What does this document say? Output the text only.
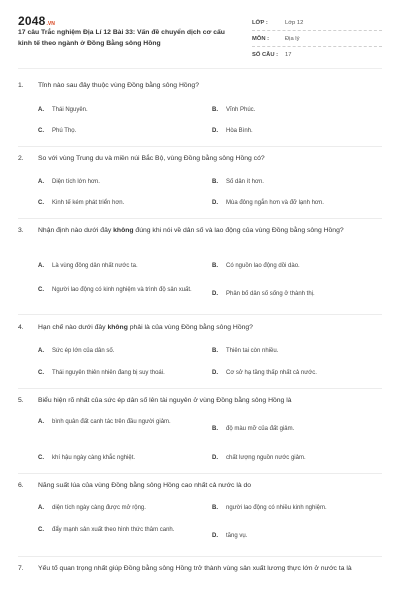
2048 .VN
17 câu Trắc nghiệm Địa Lí 12 Bài 33: Vấn đề chuyển dịch cơ cấu kinh tế theo ngành ở Đồng Bằng sông Hồng
LỚP :	Lớp 12
MÔN :	Địa lý
SỐ CÂU :	17
1.	Tỉnh nào sau đây thuộc vùng Đồng bằng sông Hồng?
A.	Thái Nguyên.	B.	Vĩnh Phúc.
C.	Phú Thọ.	D.	Hòa Bình.
2.	So với vùng Trung du và miền núi Bắc Bộ, vùng Đồng bằng sông Hồng có?
A.	Diện tích lớn hơn.	B.	Số dân ít hơn.
C.	Kinh tế kém phát triển hơn.	D.	Mùa đông ngắn hơn và đỡ lạnh hơn.
3.	Nhận định nào dưới đây không đúng khi nói về dân số và lao động của vùng Đồng bằng sông Hồng?
A.	Là vùng đông dân nhất nước ta.	B.	Có nguồn lao động dồi dào.
C.	Người lao động có kinh nghiệm và trình độ sản xuất.
D.	Phân bố dân số sống ở thành thị.
4.	Hạn chế nào dưới đây không phải là của vùng Đồng bằng sông Hồng?
A.	Sức ép lớn của dân số.	B.	Thiên tai còn nhiều.
C.	Thái nguyên thiên nhiên đang bị suy thoái.	D.	Cơ sở hạ tầng thấp nhất cả nước.
5.	Biểu hiện rõ nhất của sức ép dân số lên tài nguyên ở vùng Đồng bằng sông Hồng là
A.	bình quân đất canh tác trên đầu người giảm.
B.	độ màu mỡ của đất giảm.
C.	khí hậu ngày càng khắc nghiệt.	D.	chất lượng nguồn nước giảm.
6.	Năng suất lúa của vùng Đồng bằng sông Hồng cao nhất cả nước là do
A.	diện tích ngày càng được mở rộng.	B.	người lao động có nhiều kinh nghiệm.
C.	đẩy mạnh sản xuất theo hình thức thâm canh.
D.	tăng vụ.
7.	Yếu tố quan trọng nhất giúp Đồng bằng sông Hồng trở thành vùng sản xuất lương thực lớn ở nước ta là
